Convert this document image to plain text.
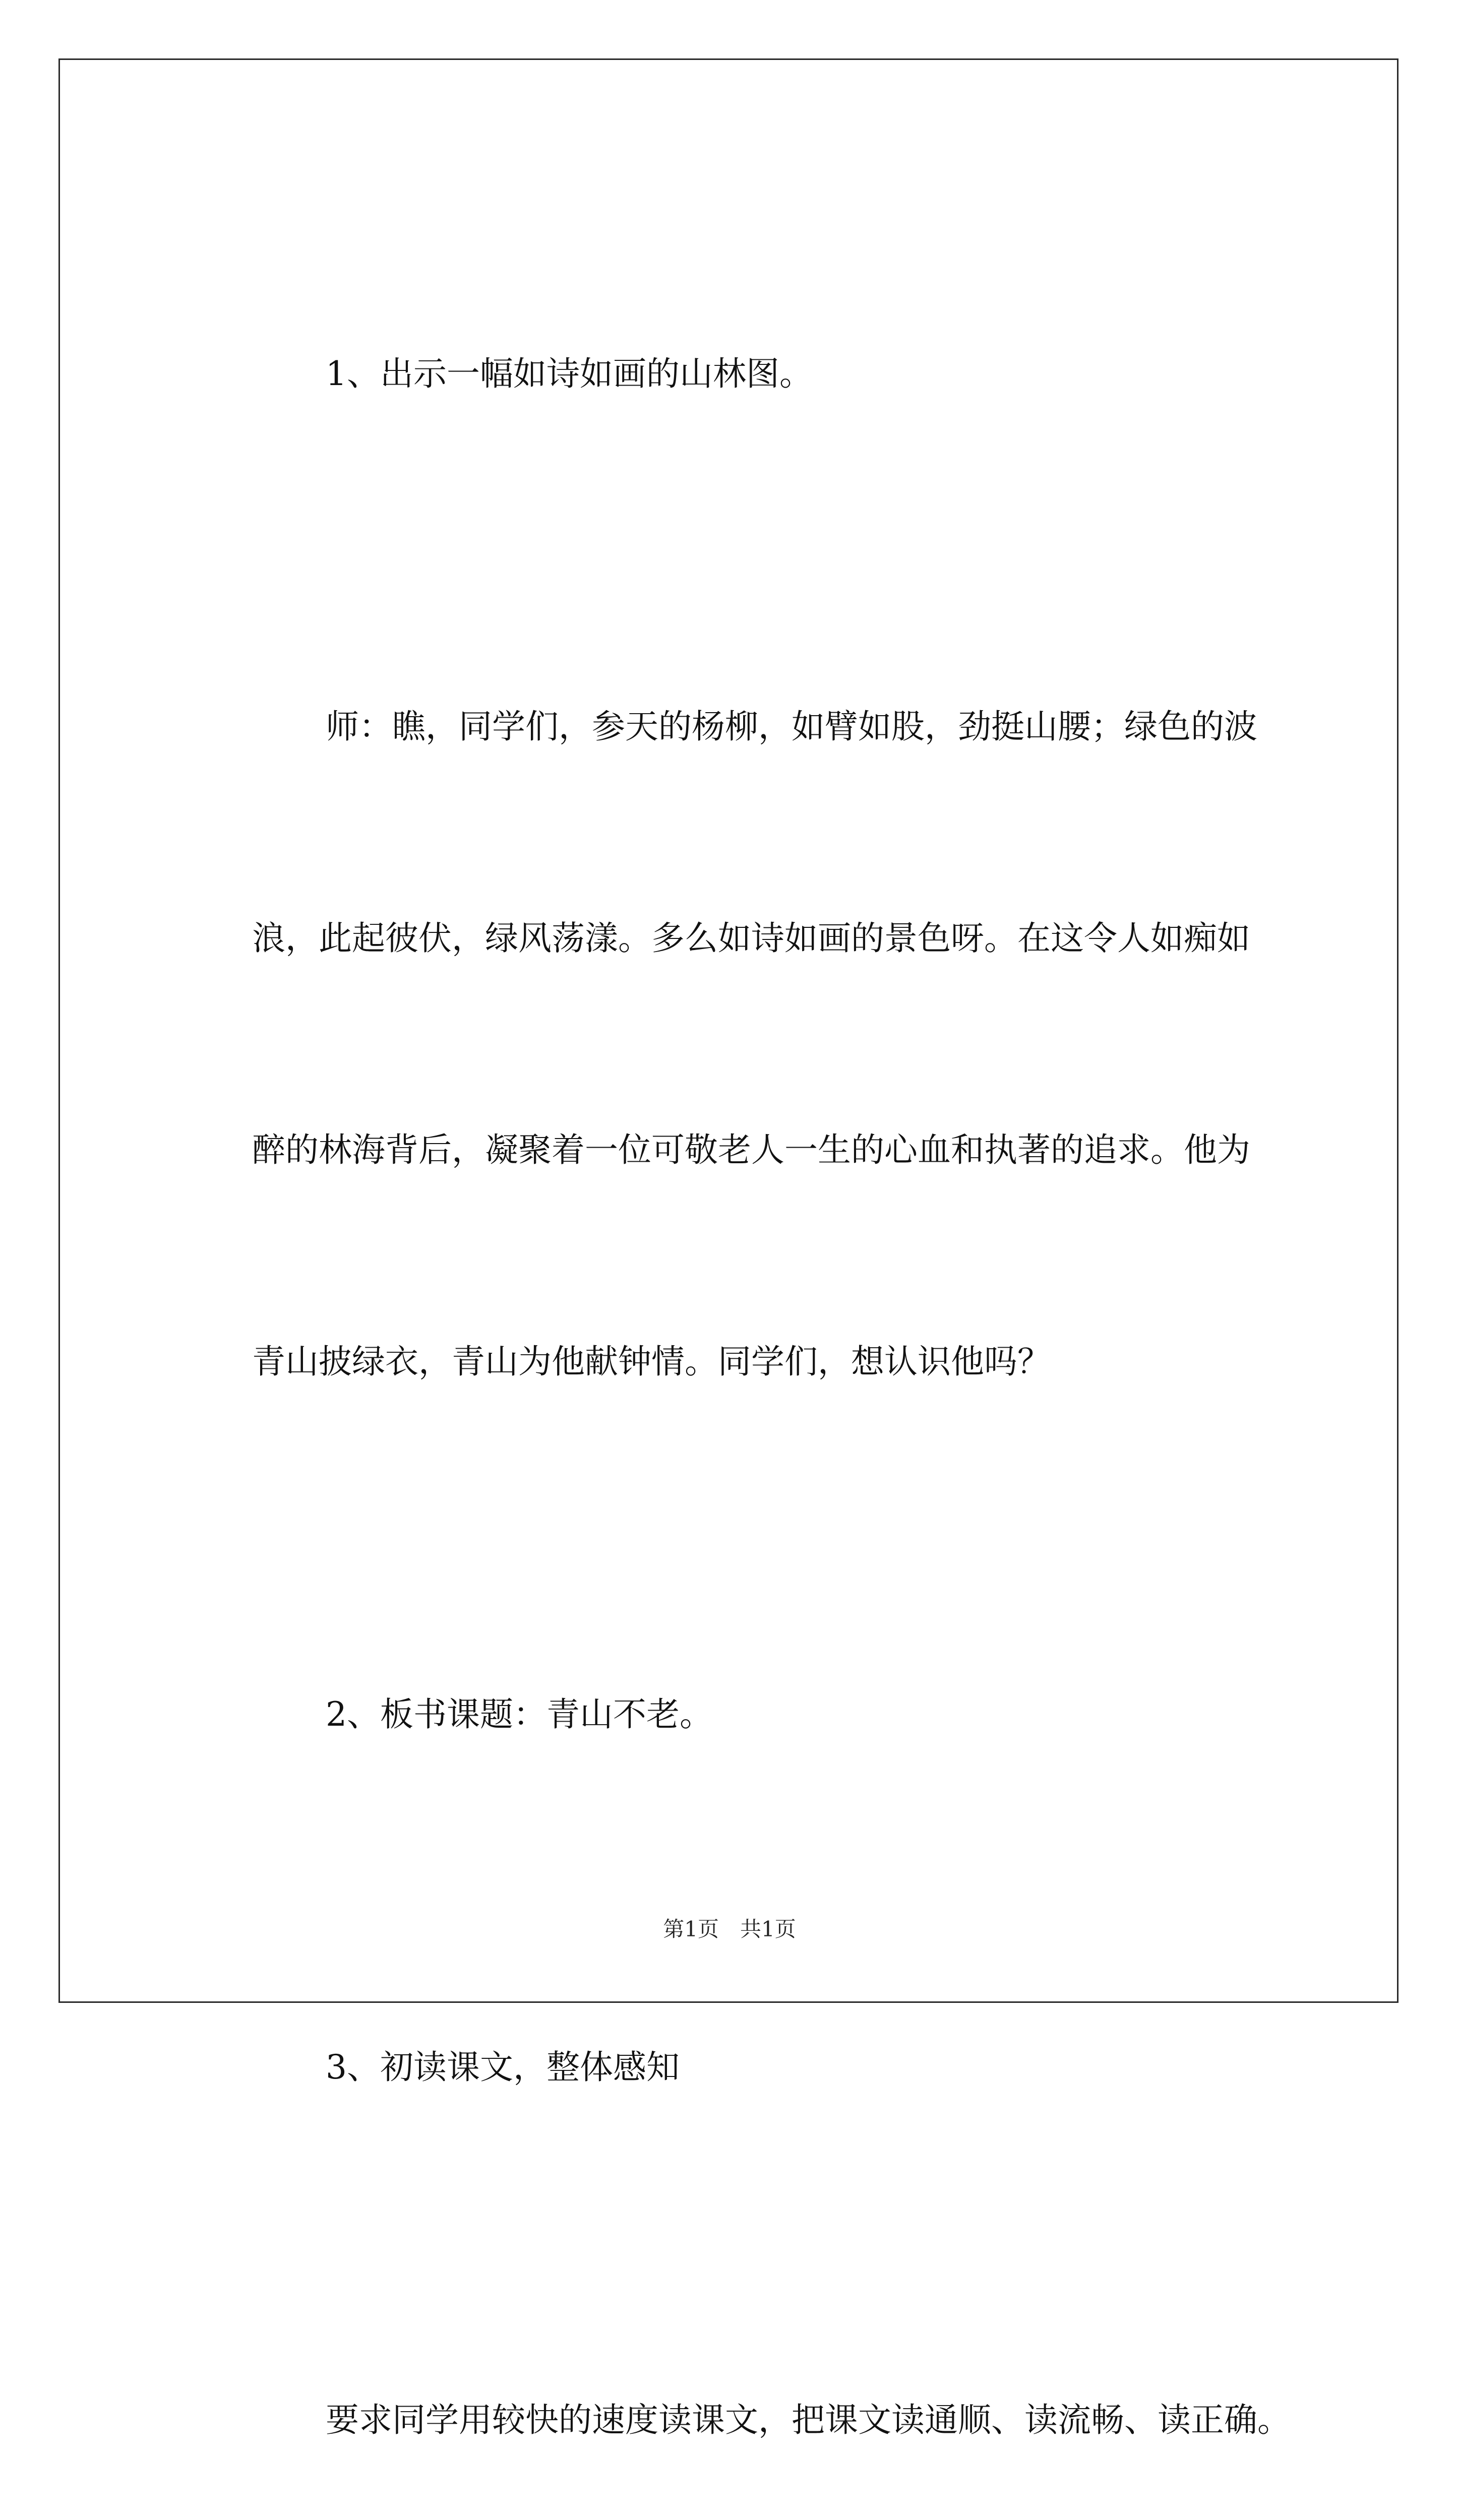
1、出示一幅如诗如画的山林图。

师：瞧，同学们，参天的杨柳，如臂如股，劲挺山腰；绿色的波

浪，此起彼伏，绿风荡漾。多么如诗如画的景色呀。在这令人如痴如

醉的林海背后，凝聚着一位可敬老人一生的心血和执著的追求。他为

青山披绿衣，青山为他献钟情。同学们，想认识他吗？

2、板书课题：青山不老。

3、初读课文，整体感知

要求同学用较快的速度读课文，把课文读通顺、读流畅、读正确。

第1页　共1页
